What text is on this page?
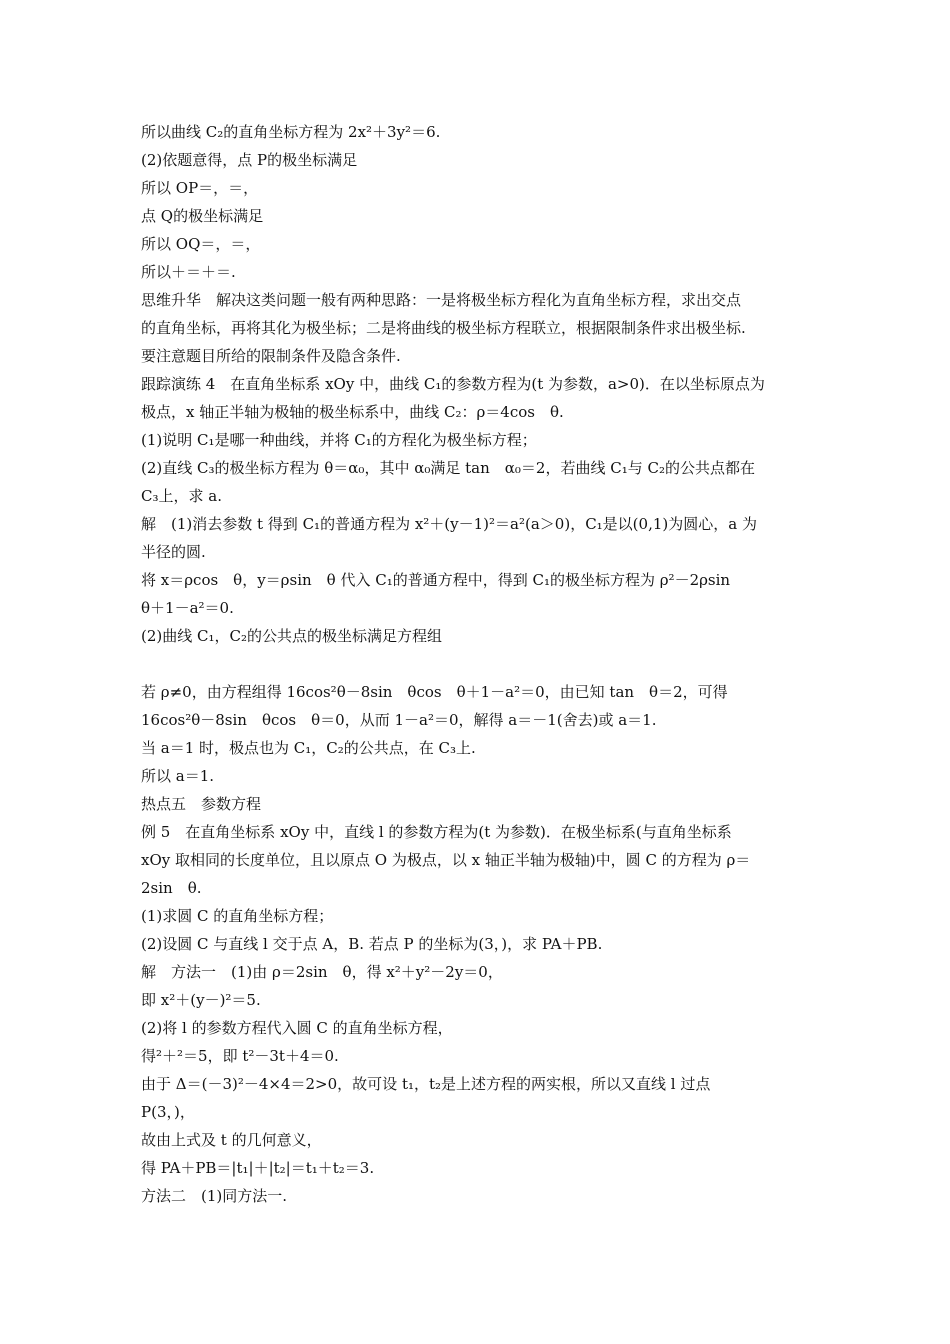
所以曲线 C₂的直角坐标方程为 2x²＋3y²＝6.
(2)依题意得，点 P的极坐标满足
所以 OP＝，＝，
点 Q的极坐标满足
所以 OQ＝，＝，
所以＋＝＋＝.
思维升华　解决这类问题一般有两种思路：一是将极坐标方程化为直角坐标方程，求出交点
的直角坐标，再将其化为极坐标；二是将曲线的极坐标方程联立，根据限制条件求出极坐标.
要注意题目所给的限制条件及隐含条件.
跟踪演练 4　在直角坐标系 xOy 中，曲线 C₁的参数方程为(t 为参数，a>0)．在以坐标原点为
极点，x 轴正半轴为极轴的极坐标系中，曲线 C₂：ρ＝4cos　θ.
(1)说明 C₁是哪一种曲线，并将 C₁的方程化为极坐标方程；
(2)直线 C₃的极坐标方程为 θ＝α₀，其中 α₀满足 tan　α₀＝2，若曲线 C₁与 C₂的公共点都在
C₃上，求 a.
解　(1)消去参数 t 得到 C₁的普通方程为 x²＋(y－1)²＝a²(a＞0)，C₁是以(0,1)为圆心，a 为
半径的圆.
将 x＝ρcos　θ，y＝ρsin　θ 代入 C₁的普通方程中，得到 C₁的极坐标方程为 ρ²－2ρsin
θ＋1－a²＝0.
(2)曲线 C₁，C₂的公共点的极坐标满足方程组
若 ρ≠0，由方程组得 16cos²θ－8sin　θcos　θ＋1－a²＝0，由已知 tan　θ＝2，可得
16cos²θ－8sin　θcos　θ＝0，从而 1－a²＝0，解得 a＝－1(舍去)或 a＝1.
当 a＝1 时，极点也为 C₁，C₂的公共点，在 C₃上.
所以 a＝1.
热点五　参数方程
例 5　在直角坐标系 xOy 中，直线 l 的参数方程为(t 为参数)．在极坐标系(与直角坐标系
xOy 取相同的长度单位，且以原点 O 为极点，以 x 轴正半轴为极轴)中，圆 C 的方程为 ρ＝
2sin　θ.
(1)求圆 C 的直角坐标方程；
(2)设圆 C 与直线 l 交于点 A，B. 若点 P 的坐标为(3，)，求 PA＋PB.
解　方法一　(1)由 ρ＝2sin　θ，得 x²＋y²－2y＝0，
即 x²＋(y－)²＝5.
(2)将 l 的参数方程代入圆 C 的直角坐标方程，
得²＋²＝5，即 t²－3t＋4＝0.
由于 Δ＝(－3)²－4×4＝2>0，故可设 t₁，t₂是上述方程的两实根，所以又直线 l 过点
P(3，)，
故由上式及 t 的几何意义，
得 PA＋PB＝|t₁|＋|t₂|＝t₁＋t₂＝3.
方法二　(1)同方法一.
